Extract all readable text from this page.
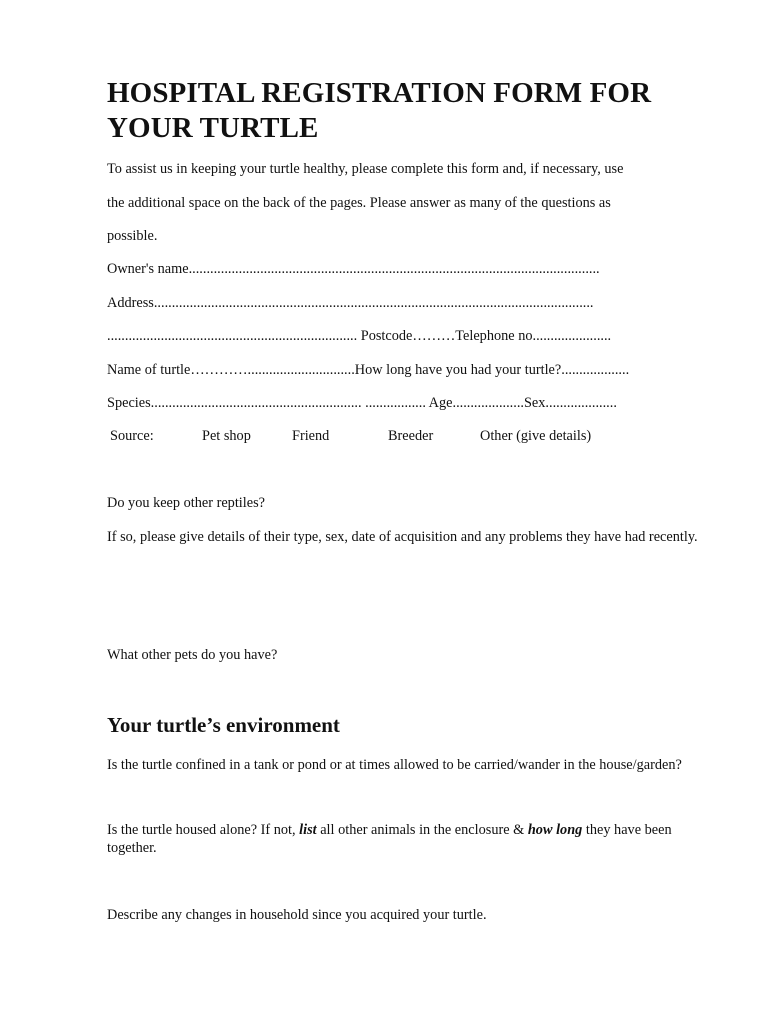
HOSPITAL REGISTRATION FORM FOR YOUR TURTLE

To assist us in keeping your turtle healthy, please complete this form and, if necessary, use

the additional space on the back of the pages. Please answer as many of the questions as

possible.

Owner's name...................................................................................................................

Address...........................................................................................................................

...................................................................... Postcode………Telephone no......................

Name of turtle…………..............................How long have you had your turtle?...................

Species........................................................... ................. Age....................Sex....................

Source:	Pet shop	Friend	Breeder	Other (give details)

Do you keep other reptiles?

If so, please give details of their type, sex, date of acquisition and any problems they have had recently.

What other pets do you have?

Your turtle’s environment

Is the turtle confined in a tank or pond or at times allowed to be carried/wander in the house/garden?

Is the turtle housed alone? If not, list all other animals in the enclosure & how long they have been together.

Describe any changes in household since you acquired your turtle.
